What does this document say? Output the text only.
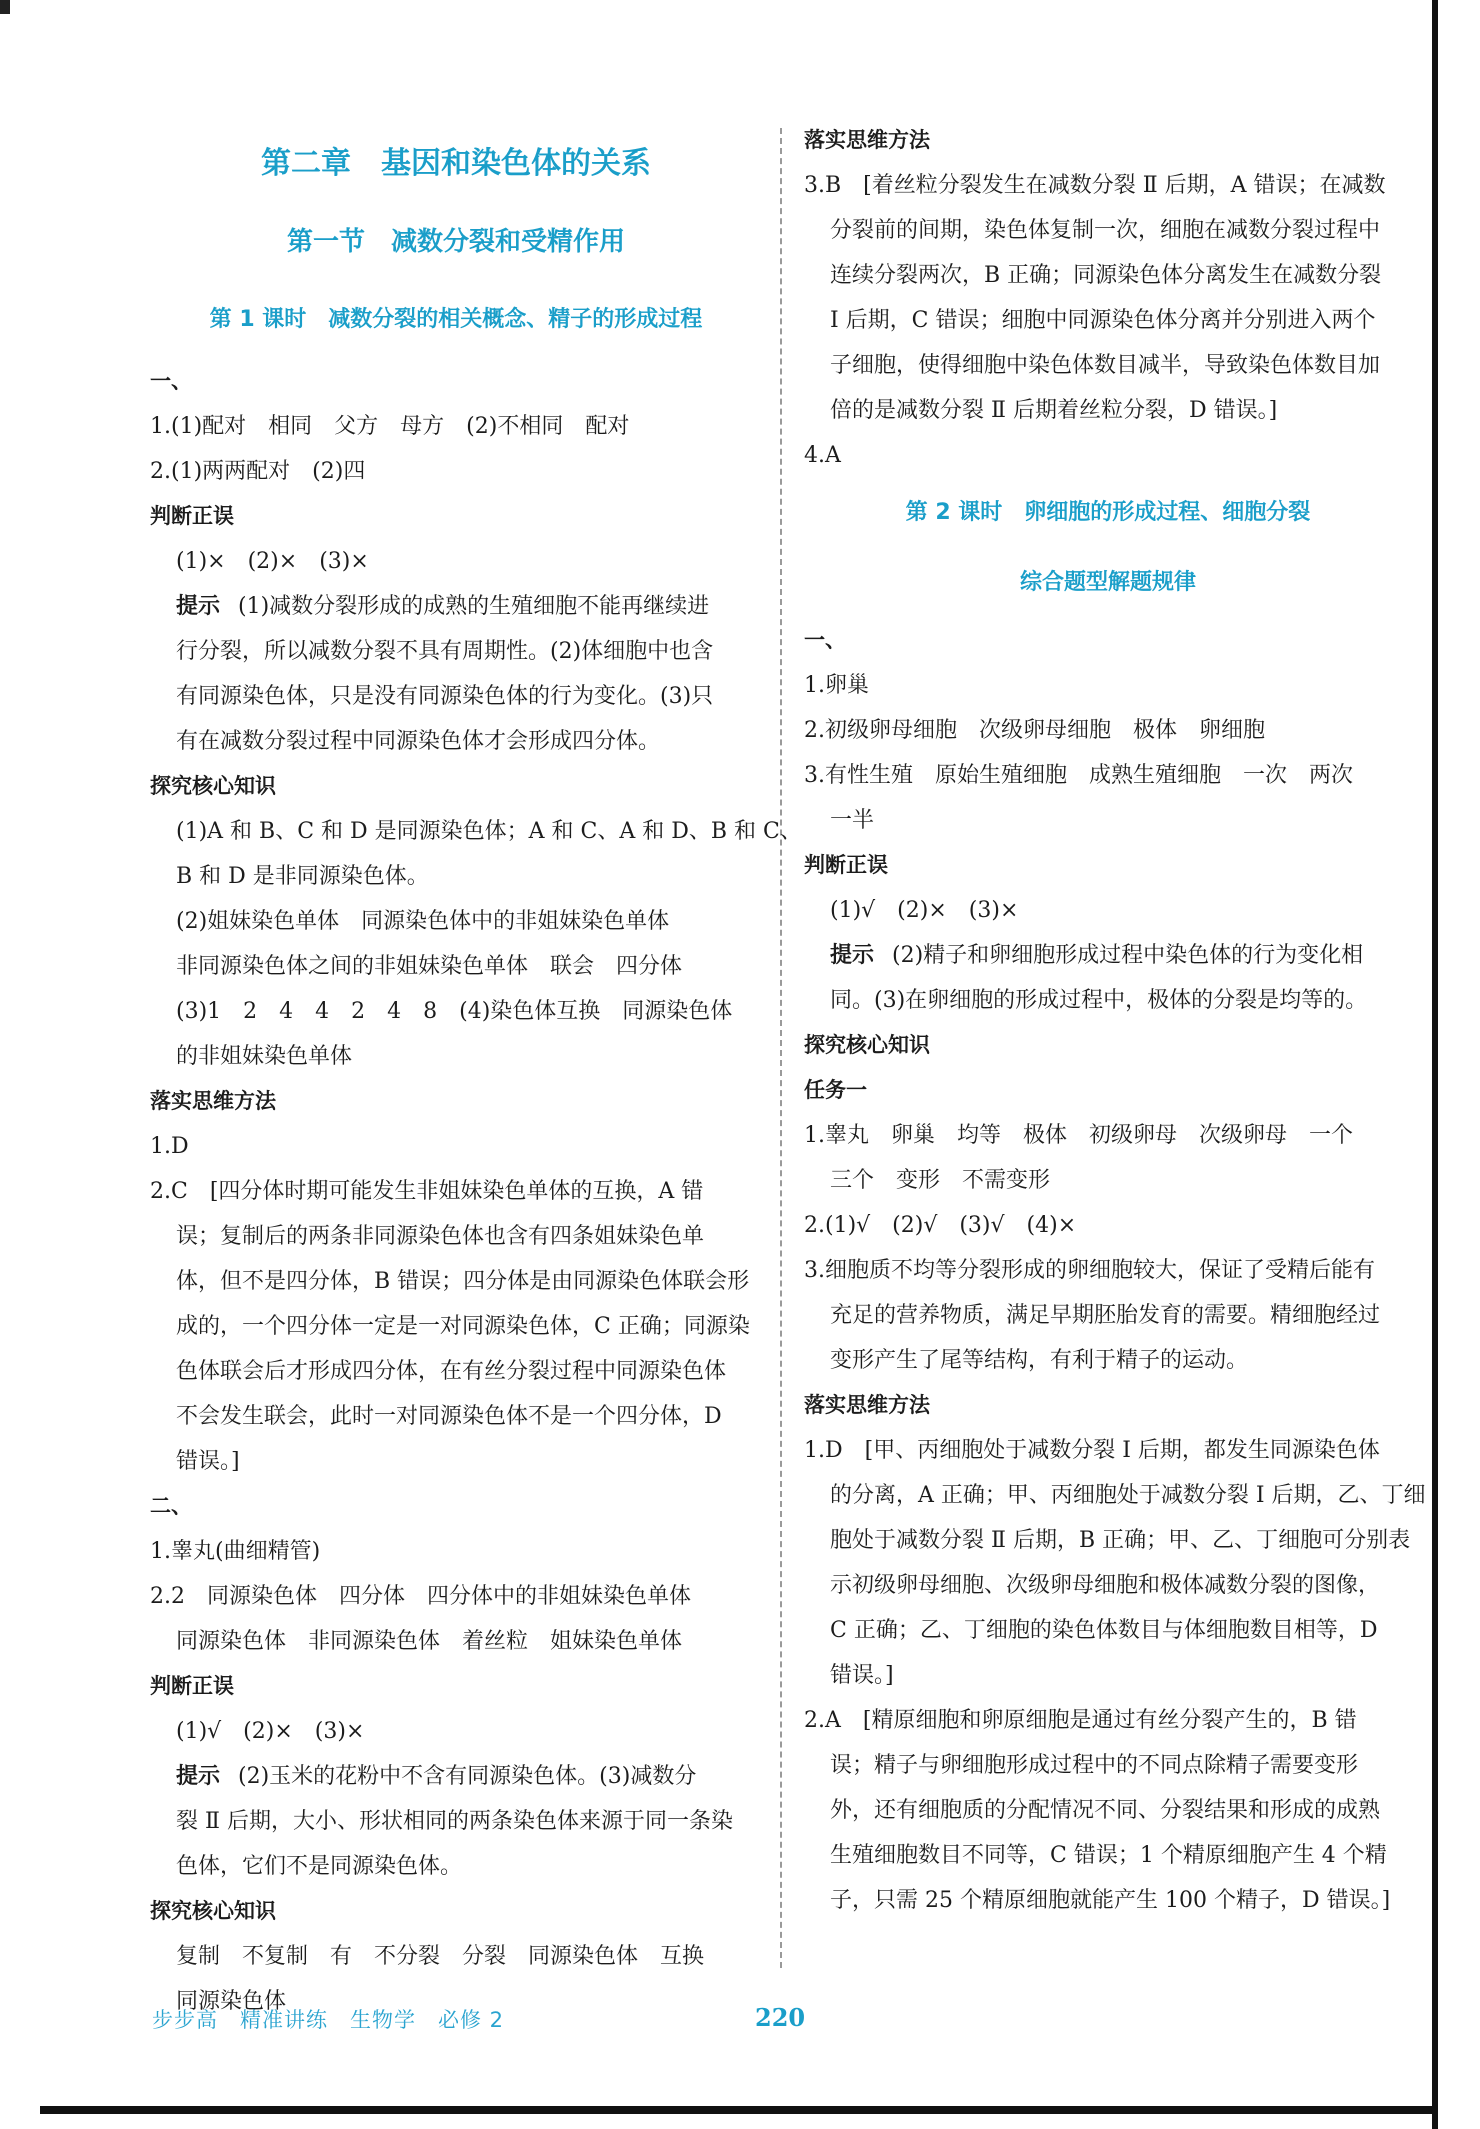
第二章　基因和染色体的关系
第一节　减数分裂和受精作用
第 1 课时　减数分裂的相关概念、精子的形成过程
一、
1.(1)配对　相同　父方　母方　(2)不相同　配对
2.(1)两两配对　(2)四
判断正误
(1)×　(2)×　(3)×
提示 (1)减数分裂形成的成熟的生殖细胞不能再继续进
行分裂，所以减数分裂不具有周期性。(2)体细胞中也含
有同源染色体，只是没有同源染色体的行为变化。(3)只
有在减数分裂过程中同源染色体才会形成四分体。
探究核心知识
(1)A 和 B、C 和 D 是同源染色体；A 和 C、A 和 D、B 和 C、
B 和 D 是非同源染色体。
(2)姐妹染色单体　同源染色体中的非姐妹染色单体
非同源染色体之间的非姐妹染色单体　联会　四分体
(3)1　2　4　4　2　4　8　(4)染色体互换　同源染色体
的非姐妹染色单体
落实思维方法
1.D
2.C　[四分体时期可能发生非姐妹染色单体的互换，A 错
误；复制后的两条非同源染色体也含有四条姐妹染色单
体，但不是四分体，B 错误；四分体是由同源染色体联会形
成的，一个四分体一定是一对同源染色体，C 正确；同源染
色体联会后才形成四分体，在有丝分裂过程中同源染色体
不会发生联会，此时一对同源染色体不是一个四分体，D
错误。]
二、
1.睾丸(曲细精管)
2.2　同源染色体　四分体　四分体中的非姐妹染色单体
同源染色体　非同源染色体　着丝粒　姐妹染色单体
判断正误
(1)√　(2)×　(3)×
提示 (2)玉米的花粉中不含有同源染色体。(3)减数分
裂 Ⅱ 后期，大小、形状相同的两条染色体来源于同一条染
色体，它们不是同源染色体。
探究核心知识
复制　不复制　有　不分裂　分裂　同源染色体　互换
同源染色体
落实思维方法
3.B　[着丝粒分裂发生在减数分裂 Ⅱ 后期，A 错误；在减数
分裂前的间期，染色体复制一次，细胞在减数分裂过程中
连续分裂两次，B 正确；同源染色体分离发生在减数分裂
Ⅰ 后期，C 错误；细胞中同源染色体分离并分别进入两个
子细胞，使得细胞中染色体数目减半，导致染色体数目加
倍的是减数分裂 Ⅱ 后期着丝粒分裂，D 错误。]
4.A
第 2 课时　卵细胞的形成过程、细胞分裂
综合题型解题规律
一、
1.卵巢
2.初级卵母细胞　次级卵母细胞　极体　卵细胞
3.有性生殖　原始生殖细胞　成熟生殖细胞　一次　两次
一半
判断正误
(1)√　(2)×　(3)×
提示 (2)精子和卵细胞形成过程中染色体的行为变化相
同。(3)在卵细胞的形成过程中，极体的分裂是均等的。
探究核心知识
任务一
1.睾丸　卵巢　均等　极体　初级卵母　次级卵母　一个
三个　变形　不需变形
2.(1)√　(2)√　(3)√　(4)×
3.细胞质不均等分裂形成的卵细胞较大，保证了受精后能有
充足的营养物质，满足早期胚胎发育的需要。精细胞经过
变形产生了尾等结构，有利于精子的运动。
落实思维方法
1.D　[甲、丙细胞处于减数分裂 Ⅰ 后期，都发生同源染色体
的分离，A 正确；甲、丙细胞处于减数分裂 Ⅰ 后期，乙、丁细
胞处于减数分裂 Ⅱ 后期，B 正确；甲、乙、丁细胞可分别表
示初级卵母细胞、次级卵母细胞和极体减数分裂的图像，
C 正确；乙、丁细胞的染色体数目与体细胞数目相等，D
错误。]
2.A　[精原细胞和卵原细胞是通过有丝分裂产生的，B 错
误；精子与卵细胞形成过程中的不同点除精子需要变形
外，还有细胞质的分配情况不同、分裂结果和形成的成熟
生殖细胞数目不同等，C 错误；1 个精原细胞产生 4 个精
子，只需 25 个精原细胞就能产生 100 个精子，D 错误。]
步步高　精准讲练　生物学　必修 2	220
